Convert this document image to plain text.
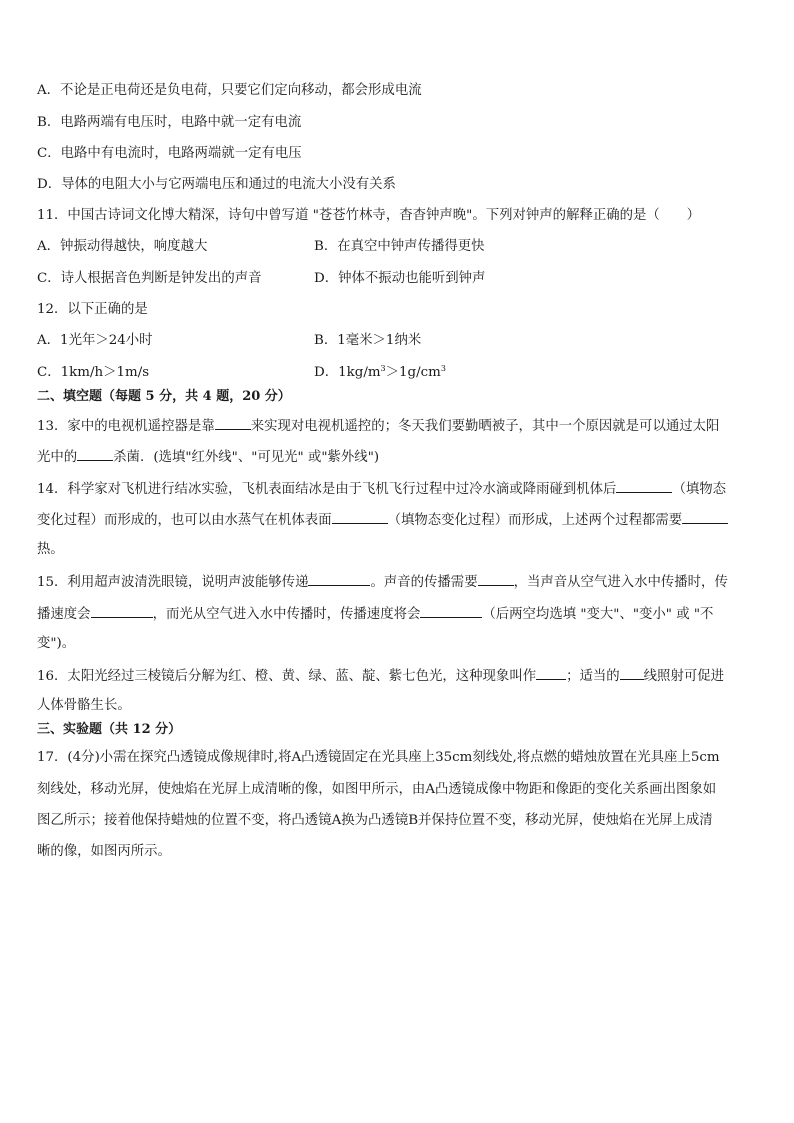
A．不论是正电荷还是负电荷，只要它们定向移动，都会形成电流
B．电路两端有电压时，电路中就一定有电流
C．电路中有电流时，电路两端就一定有电压
D．导体的电阻大小与它两端电压和通过的电流大小没有关系
11．中国古诗词文化博大精深，诗句中曾写道 "苍苍竹林寺，杳杳钟声晚"。下列对钟声的解释正确的是（　　）
A．钟振动得越快，响度越大	B．在真空中钟声传播得更快
C．诗人根据音色判断是钟发出的声音	D．钟体不振动也能听到钟声
12．以下正确的是
A．1光年＞24小时	B．1毫米＞1纳米
C．1km/h＞1m/s	D．$1kg/m^3>1g/cm^3$
二、填空题（每题 5 分，共 4 题，20 分）
13．家中的电视机遥控器是靠	来实现对电视机遥控的；冬天我们要勤晒被子，其中一个原因就是可以通过太阳
光中的	杀菌．(选填"红外线"、"可见光" 或"紫外线")
14．科学家对飞机进行结冰实验，飞机表面结冰是由于飞机飞行过程中过冷水滴或降雨碰到机体后	（填物态
变化过程）而形成的，也可以由水蒸气在机体表面	（填物态变化过程）而形成，上述两个过程都需要
热。
15．利用超声波清洗眼镜，说明声波能够传递	。声音的传播需要	，当声音从空气进入水中传播时，传
播速度会	，而光从空气进入水中传播时，传播速度将会	（后两空均选填 "变大"、"变小" 或 "不
变")。
16．太阳光经过三棱镜后分解为红、橙、黄、绿、蓝、靛、紫七色光，这种现象叫作 ；适当的 线照射可促进
人体骨骼生长。
三、实验题（共 12 分）
17．(4分)小需在探究凸透镜成像规律时,将A凸透镜固定在光具座上35cm刻线处,将点燃的蜡烛放置在光具座上5cm
刻线处，移动光屏，使烛焰在光屏上成清晰的像，如图甲所示，由A凸透镜成像中物距和像距的变化关系画出图象如
图乙所示；接着他保持蜡烛的位置不变，将凸透镜A换为凸透镜B并保持位置不变，移动光屏，使烛焰在光屏上成清
晰的像，如图丙所示。
